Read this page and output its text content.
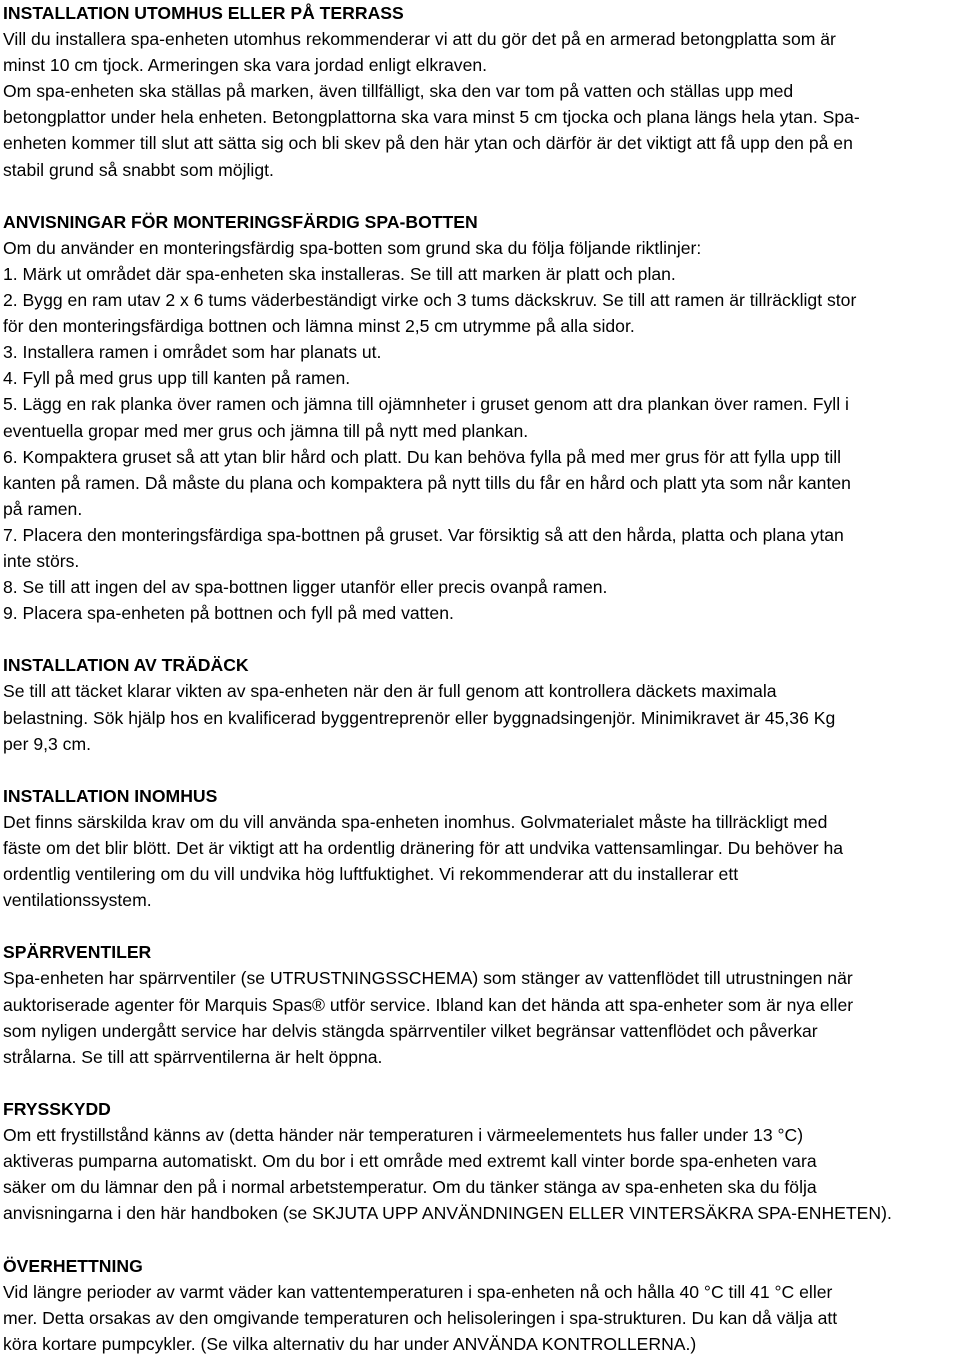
INSTALLATION UTOMHUS ELLER PÅ TERRASS
Vill du installera spa-enheten utomhus rekommenderar vi att du gör det på en armerad betongplatta som är
minst 10 cm tjock. Armeringen ska vara jordad enligt elkraven.
Om spa-enheten ska ställas på marken, även tillfälligt, ska den var tom på vatten och ställas upp med
betongplattor under hela enheten. Betongplattorna ska vara minst 5 cm tjocka och plana längs hela ytan. Spa-
enheten kommer till slut att sätta sig och bli skev på den här ytan och därför är det viktigt att få upp den på en
stabil grund så snabbt som möjligt.
ANVISNINGAR FÖR MONTERINGSFÄRDIG SPA-BOTTEN
Om du använder en monteringsfärdig spa-botten som grund ska du följa följande riktlinjer:
1. Märk ut området där spa-enheten ska installeras. Se till att marken är platt och plan.
2. Bygg en ram utav 2 x 6 tums väderbeständigt virke och 3 tums däckskruv. Se till att ramen är tillräckligt stor
för den monteringsfärdiga bottnen och lämna minst 2,5 cm utrymme på alla sidor.
3. Installera ramen i området som har planats ut.
4. Fyll på med grus upp till kanten på ramen.
5. Lägg en rak planka över ramen och jämna till ojämnheter i gruset genom att dra plankan över ramen. Fyll i
eventuella gropar med mer grus och jämna till på nytt med plankan.
6. Kompaktera gruset så att ytan blir hård och platt. Du kan behöva fylla på med mer grus för att fylla upp till
kanten på ramen. Då måste du plana och kompaktera på nytt tills du får en hård och platt yta som når kanten
på ramen.
7. Placera den monteringsfärdiga spa-bottnen på gruset. Var försiktig så att den hårda, platta och plana ytan
inte störs.
8. Se till att ingen del av spa-bottnen ligger utanför eller precis ovanpå ramen.
9. Placera spa-enheten på bottnen och fyll på med vatten.
INSTALLATION AV TRÄDÄCK
Se till att täcket klarar vikten av spa-enheten när den är full genom att kontrollera däckets maximala
belastning. Sök hjälp hos en kvalificerad byggentreprenör eller byggnadsingenjör. Minimikravet är 45,36 Kg
per 9,3 cm.
INSTALLATION INOMHUS
Det finns särskilda krav om du vill använda spa-enheten inomhus. Golvmaterialet måste ha tillräckligt med
fäste om det blir blött. Det är viktigt att ha ordentlig dränering för att undvika vattensamlingar. Du behöver ha
ordentlig ventilering om du vill undvika hög luftfuktighet. Vi rekommenderar att du installerar ett
ventilationssystem.
SPÄRRVENTILER
Spa-enheten har spärrventiler (se UTRUSTNINGSSCHEMA) som stänger av vattenflödet till utrustningen när
auktoriserade agenter för Marquis Spas® utför service. Ibland kan det hända att spa-enheter som är nya eller
som nyligen undergått service har delvis stängda spärrventiler vilket begränsar vattenflödet och påverkar
strålarna. Se till att spärrventilerna är helt öppna.
FRYSSKYDD
Om ett frystillstånd känns av (detta händer när temperaturen i värmeelementets hus faller under 13 °C)
aktiveras pumparna automatiskt. Om du bor i ett område med extremt kall vinter borde spa-enheten vara
säker om du lämnar den på i normal arbetstemperatur. Om du tänker stänga av spa-enheten ska du följa
anvisningarna i den här handboken (se SKJUTA UPP ANVÄNDNINGEN ELLER VINTERSÄKRA SPA-ENHETEN).
ÖVERHETTNING
Vid längre perioder av varmt väder kan vattentemperaturen i spa-enheten nå och hålla 40 °C till 41 °C eller
mer. Detta orsakas av den omgivande temperaturen och helisoleringen i spa-strukturen. Du kan då välja att
köra kortare pumpcykler. (Se vilka alternativ du har under ANVÄNDA KONTROLLERNA.)
